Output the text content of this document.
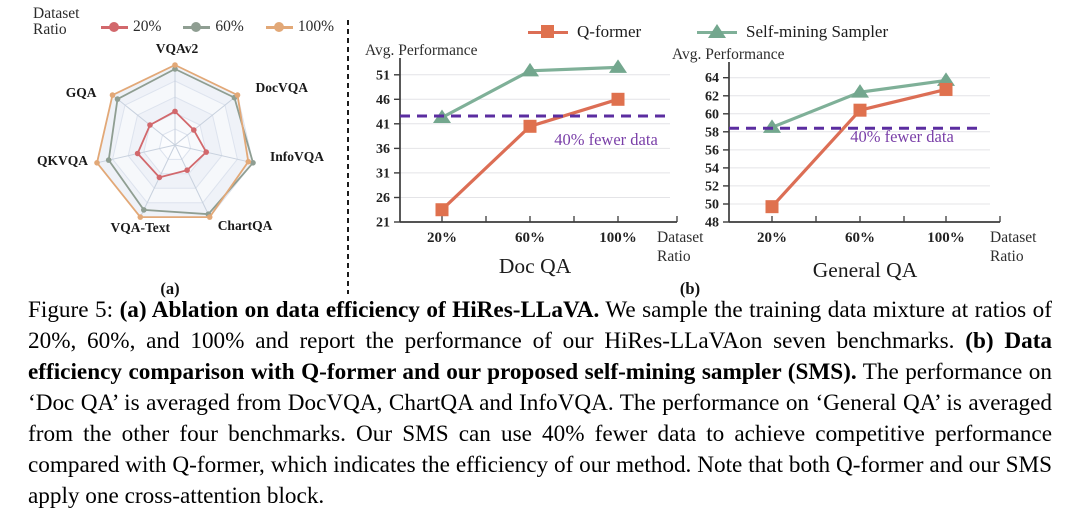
Dataset Ratio	20%	60%	100%
VQAv2
DocVQA
InfoVQA
ChartQA
VQA-Text
QKVQA
GQA
(a)
Q-former	Self-mining Sampler
Avg. Performance	Avg. Performance
21
26
31
36
41
46
51
20%	60%	100%
40% fewer data
48
50
52
54
56
58
60
62
64
20%	60%	100%
40% fewer data
Dataset
Ratio
Dataset
Ratio
Doc QA	General QA
(b)
Figure 5: (a) Ablation on data efficiency of HiRes-LLaVA. We sample the training data mixture at ratios of 20%, 60%, and 100% and report the performance of our HiRes-LLaVAon seven benchmarks. (b) Data efficiency comparison with Q-former and our proposed self-mining sampler (SMS). The performance on ‘Doc QA’ is averaged from DocVQA, ChartQA and InfoVQA. The performance on ‘General QA’ is averaged from the other four benchmarks. Our SMS can use 40% fewer data to achieve competitive performance compared with Q-former, which indicates the efficiency of our method. Note that both Q-former and our SMS apply one cross-attention block.
